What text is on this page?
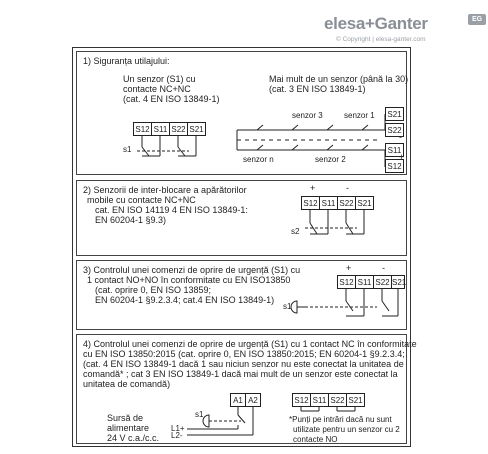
elesa+Ganter
© Copyright | elesa-ganter.com
EG
1) Siguranța utilajului:
Un senzor (S1) cu
contacte NC+NC
(cat. 4 EN ISO 13849-1)
Mai mult de un senzor (până la 30)
(cat. 3 EN ISO 13849-1)
S12 S11 S22 S21
s1
senzor 3	senzor 1
senzor n	senzor 2
S21
S22
S11
S12
-
+
2) Senzorii de inter-blocare a apărătorilor
mobile cu contacte NC+NC
cat. EN ISO 14119 4 EN ISO 13849-1:
EN 60204-1 §9.3)
+	-
S12 S11 S22 S21
s2
3) Controlul unei comenzi de oprire de urgență (S1) cu
1 contact NO+NO în conformitate cu EN ISO13850
(cat. oprire 0, EN ISO 13859;
EN 60204-1 §9.2.3.4; cat.4 EN ISO 13849-1)
+	-
S12 S11 S22 S21
s1
4) Controlul unei comenzi de oprire de urgență (S1) cu 1 contact NC în conformitate
cu EN ISO 13850:2015 (cat. oprire 0, EN ISO 13850:2015; EN 60204-1 §9.2.3.4;
(cat. 4 EN ISO 13849-1 dacă 1 sau niciun senzor nu este conectat la unitatea de
comandă* ; cat 3 EN ISO 13849-1 dacă mai mult de un senzor este conectat la
unitatea de comandă)
A1 A2
s1
L1+
L2-
Sursă de
alimentare
24 V c.a./c.c.
S12 S11 S22 S21
*Punți pe intrări dacă nu sunt
utilizate pentru un senzor cu 2
contacte NO
